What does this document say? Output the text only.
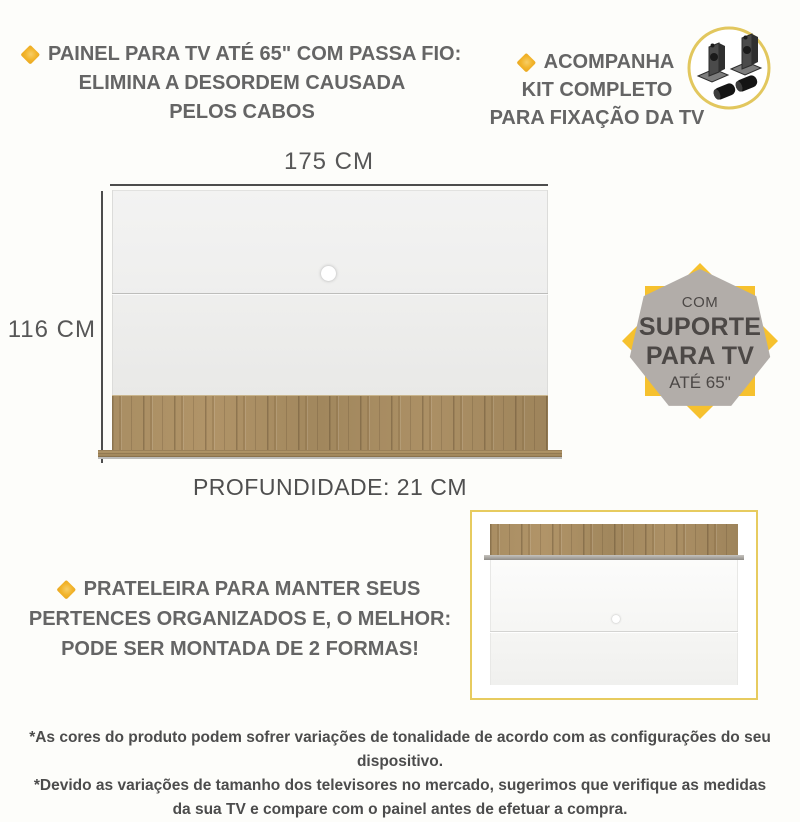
PAINEL PARA TV ATÉ 65" COM PASSA FIO:
ELIMINA A DESORDEM CAUSADA
PELOS CABOS
ACOMPANHA
KIT COMPLETO
PARA FIXAÇÃO DA TV
175 CM
116 CM
COM
SUPORTE
PARA TV
ATÉ 65"
PROFUNDIDADE: 21 CM
PRATELEIRA PARA MANTER SEUS
PERTENCES ORGANIZADOS E, O MELHOR:
PODE SER MONTADA DE 2 FORMAS!
*As cores do produto podem sofrer variações de tonalidade de acordo com as configurações do seu dispositivo.
*Devido as variações de tamanho dos televisores no mercado, sugerimos que verifique as medidas
da sua TV e compare com o painel antes de efetuar a compra.
